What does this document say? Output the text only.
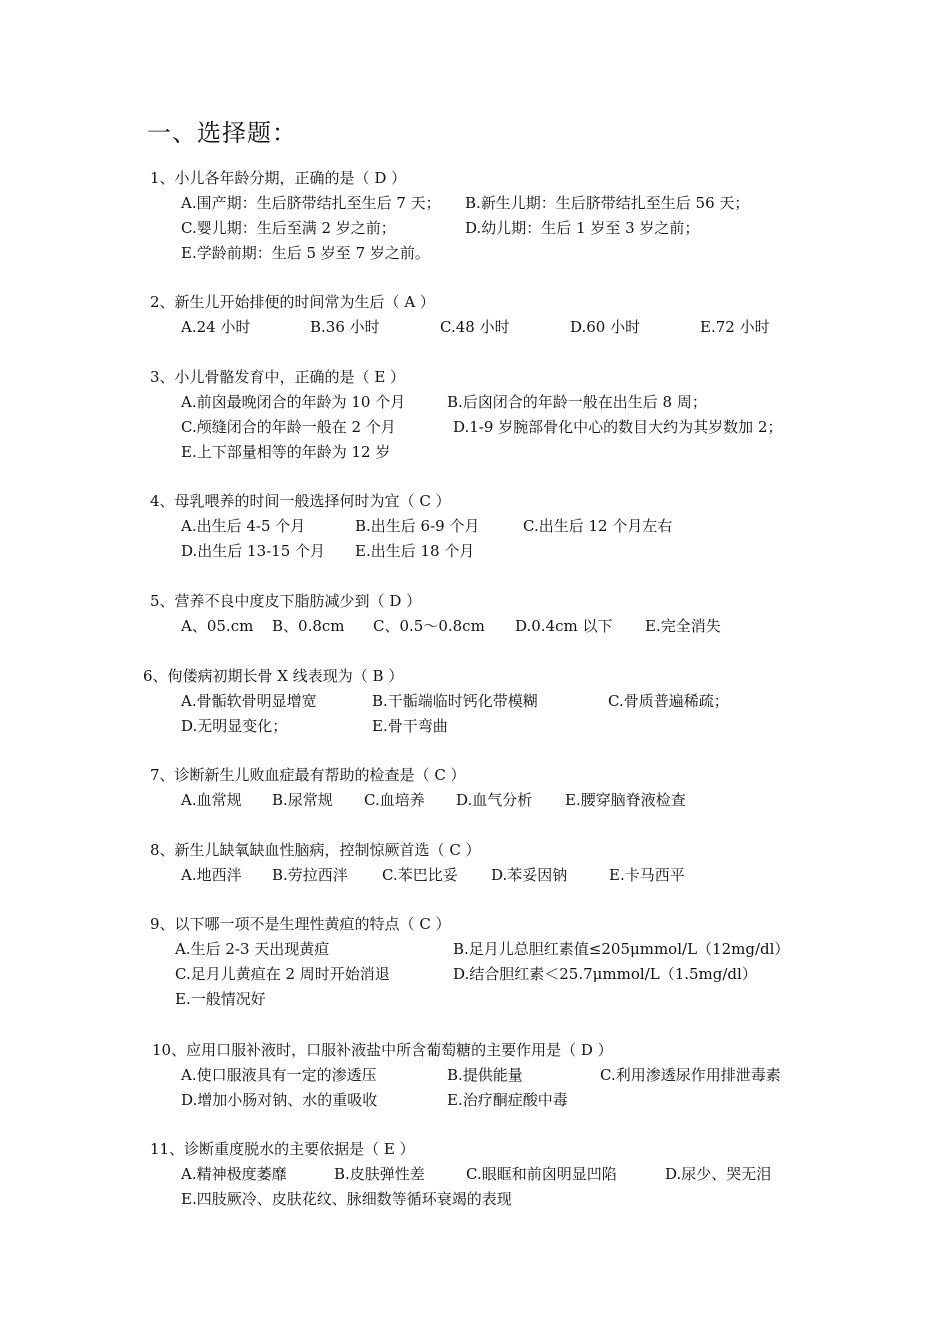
一、选择题：
1、小儿各年龄分期，正确的是（ D ）
A.围产期：生后脐带结扎至生后 7 天； B.新生儿期：生后脐带结扎至生后 56 天；
C.婴儿期：生后至满 2 岁之前；	D.幼儿期：生后 1 岁至 3 岁之前；
E.学龄前期：生后 5 岁至 7 岁之前。
2、新生儿开始排便的时间常为生后（ A ）
A.24 小时	B.36 小时	C.48 小时	D.60 小时	E.72 小时
3、小儿骨骼发育中，正确的是（ E ）
A.前囟最晚闭合的年龄为 10 个月	B.后囟闭合的年龄一般在出生后 8 周；
C.颅缝闭合的年龄一般在 2 个月	D.1-9 岁腕部骨化中心的数目大约为其岁数加 2；
E.上下部量相等的年龄为 12 岁
4、母乳喂养的时间一般选择何时为宜（ C ）
A.出生后 4-5 个月	B.出生后 6-9 个月	C.出生后 12 个月左右
D.出生后 13-15 个月 E.出生后 18 个月
5、营养不良中度皮下脂肪减少到（ D ）
A、05.cm B、0.8cm C、0.5～0.8cm D.0.4cm 以下 E.完全消失
6、佝偻病初期长骨 X 线表现为（ B ）
A.骨骺软骨明显增宽	B.干骺端临时钙化带模糊	C.骨质普遍稀疏；
D.无明显变化；	E.骨干弯曲
7、诊断新生儿败血症最有帮助的检查是（ C ）
A.血常规 B.尿常规 C.血培养 D.血气分析 E.腰穿脑脊液检查
8、新生儿缺氧缺血性脑病，控制惊厥首选（ C ）
A.地西泮 B.劳拉西泮 C.苯巴比妥 D.苯妥因钠	E.卡马西平
9、以下哪一项不是生理性黄疸的特点（ C ）
A.生后 2-3 天出现黄疸	B.足月儿总胆红素值≤205μmmol/L（12mg/dl）
C.足月儿黄疸在 2 周时开始消退	D.结合胆红素＜25.7μmmol/L（1.5mg/dl）
E.一般情况好
10、应用口服补液时，口服补液盐中所含葡萄糖的主要作用是（ D ）
A.使口服液具有一定的渗透压	B.提供能量	C.利用渗透尿作用排泄毒素
D.增加小肠对钠、水的重吸收	E.治疗酮症酸中毒
11、诊断重度脱水的主要依据是（ E ）
A.精神极度萎靡	B.皮肤弹性差	C.眼眶和前囟明显凹陷	D.尿少、哭无泪
E.四肢厥冷、皮肤花纹、脉细数等循环衰竭的表现
